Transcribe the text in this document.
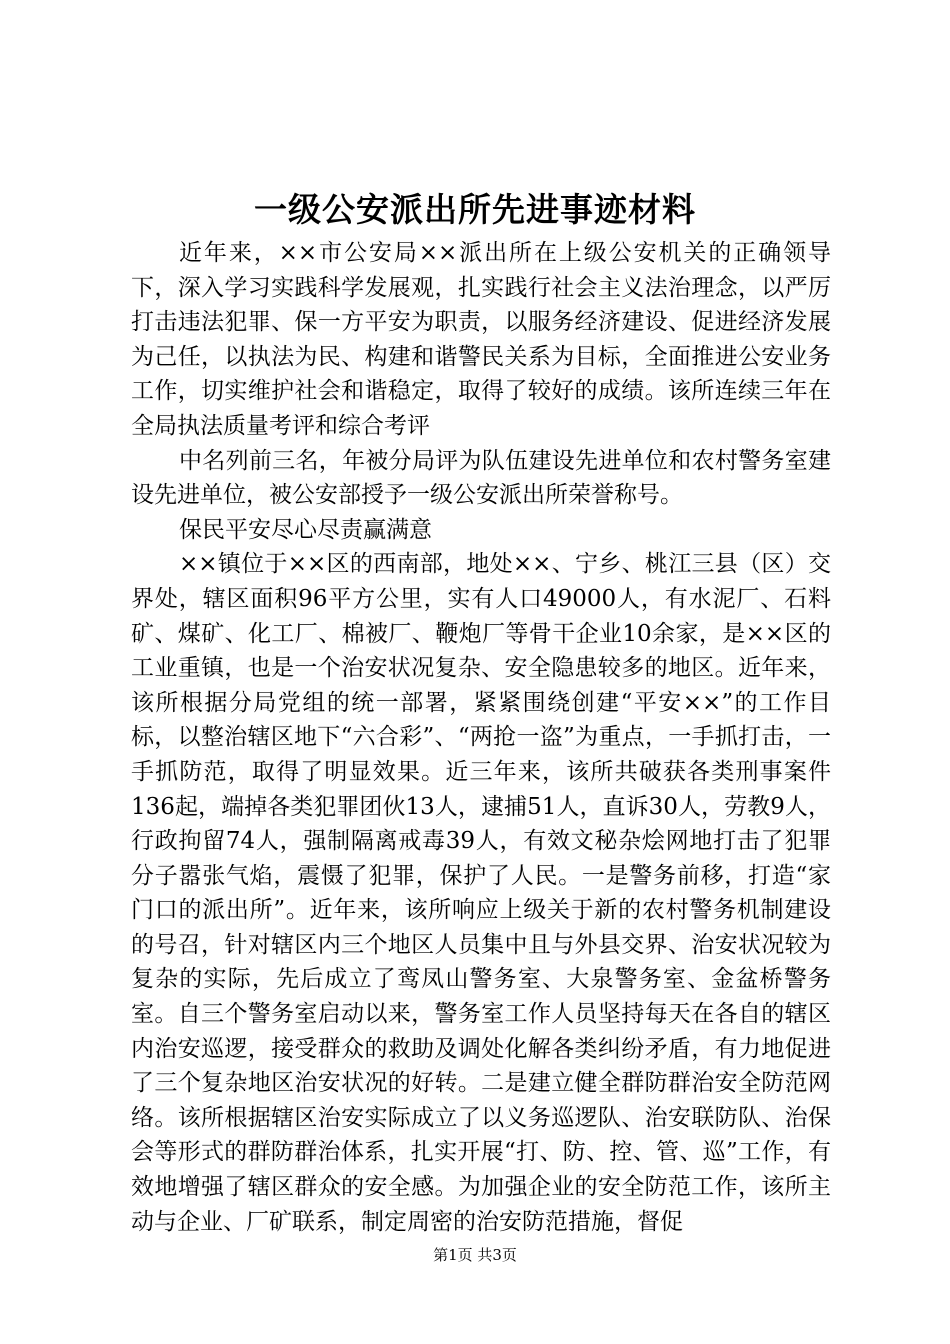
一级公安派出所先进事迹材料

近年来，××市公安局××派出所在上级公安机关的正确领导下，深入学习实践科学发展观，扎实践行社会主义法治理念，以严厉打击违法犯罪、保一方平安为职责，以服务经济建设、促进经济发展为己任，以执法为民、构建和谐警民关系为目标，全面推进公安业务工作，切实维护社会和谐稳定，取得了较好的成绩。该所连续三年在全局执法质量考评和综合考评

中名列前三名，年被分局评为队伍建设先进单位和农村警务室建设先进单位，被公安部授予一级公安派出所荣誉称号。

保民平安尽心尽责赢满意

××镇位于××区的西南部，地处××、宁乡、桃江三县（区）交界处，辖区面积96平方公里，实有人口49000人，有水泥厂、石料矿、煤矿、化工厂、棉被厂、鞭炮厂等骨干企业10余家，是××区的工业重镇，也是一个治安状况复杂、安全隐患较多的地区。近年来，该所根据分局党组的统一部署，紧紧围绕创建“平安××”的工作目标，以整治辖区地下“六合彩”、“两抢一盗”为重点，一手抓打击，一手抓防范，取得了明显效果。近三年来，该所共破获各类刑事案件136起，端掉各类犯罪团伙13人，逮捕51人，直诉30人，劳教9人，行政拘留74人，强制隔离戒毒39人，有效文秘杂烩网地打击了犯罪分子嚣张气焰，震慑了犯罪，保护了人民。一是警务前移，打造“家门口的派出所”。近年来，该所响应上级关于新的农村警务机制建设的号召，针对辖区内三个地区人员集中且与外县交界、治安状况较为复杂的实际，先后成立了鸾凤山警务室、大泉警务室、金盆桥警务室。自三个警务室启动以来，警务室工作人员坚持每天在各自的辖区内治安巡逻，接受群众的救助及调处化解各类纠纷矛盾，有力地促进了三个复杂地区治安状况的好转。二是建立健全群防群治安全防范网络。该所根据辖区治安实际成立了以义务巡逻队、治安联防队、治保会等形式的群防群治体系，扎实开展“打、防、控、管、巡”工作，有效地增强了辖区群众的安全感。为加强企业的安全防范工作，该所主动与企业、厂矿联系，制定周密的治安防范措施，督促

第1页 共3页
